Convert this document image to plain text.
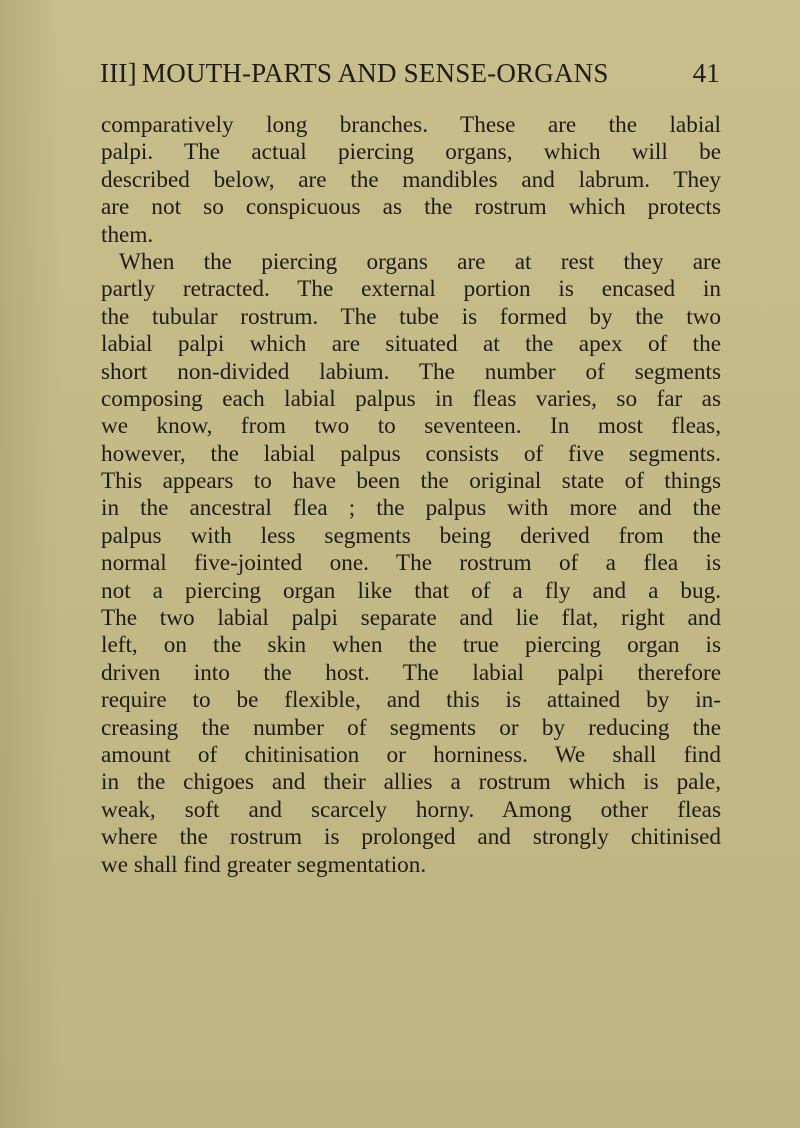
III] MOUTH-PARTS AND SENSE-ORGANS	41
comparatively long branches. These are the labial
palpi. The actual piercing organs, which will be
described below, are the mandibles and labrum. They
are not so conspicuous as the rostrum which protects
them.
When the piercing organs are at rest they are
partly retracted. The external portion is encased in
the tubular rostrum. The tube is formed by the two
labial palpi which are situated at the apex of the
short non-divided labium. The number of segments
composing each labial palpus in fleas varies, so far as
we know, from two to seventeen. In most fleas,
however, the labial palpus consists of five segments.
This appears to have been the original state of things
in the ancestral flea ; the palpus with more and the
palpus with less segments being derived from the
normal five-jointed one. The rostrum of a flea is
not a piercing organ like that of a fly and a bug.
The two labial palpi separate and lie flat, right and
left, on the skin when the true piercing organ is
driven into the host. The labial palpi therefore
require to be flexible, and this is attained by in-
creasing the number of segments or by reducing the
amount of chitinisation or horniness. We shall find
in the chigoes and their allies a rostrum which is pale,
weak, soft and scarcely horny. Among other fleas
where the rostrum is prolonged and strongly chitinised
we shall find greater segmentation.
